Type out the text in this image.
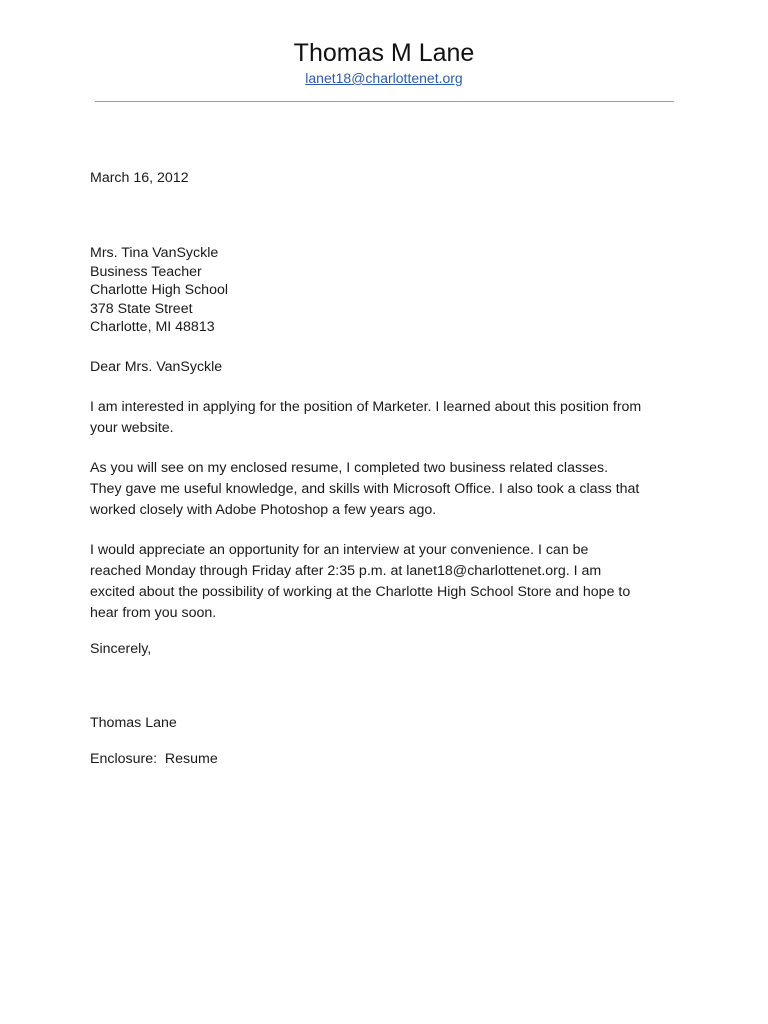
Thomas M Lane
lanet18@charlottenet.org
March 16, 2012
Mrs. Tina VanSyckle
Business Teacher
Charlotte High School
378 State Street
Charlotte, MI 48813
Dear Mrs. VanSyckle
I am interested in applying for the position of Marketer. I learned about this position from
your website.
As you will see on my enclosed resume, I completed two business related classes.
They gave me useful knowledge, and skills with Microsoft Office. I also took a class that
worked closely with Adobe Photoshop a few years ago.
I would appreciate an opportunity for an interview at your convenience. I can be
reached Monday through Friday after 2:35 p.m. at lanet18@charlottenet.org. I am
excited about the possibility of working at the Charlotte High School Store and hope to
hear from you soon.
Sincerely,
Thomas Lane
Enclosure:  Resume
